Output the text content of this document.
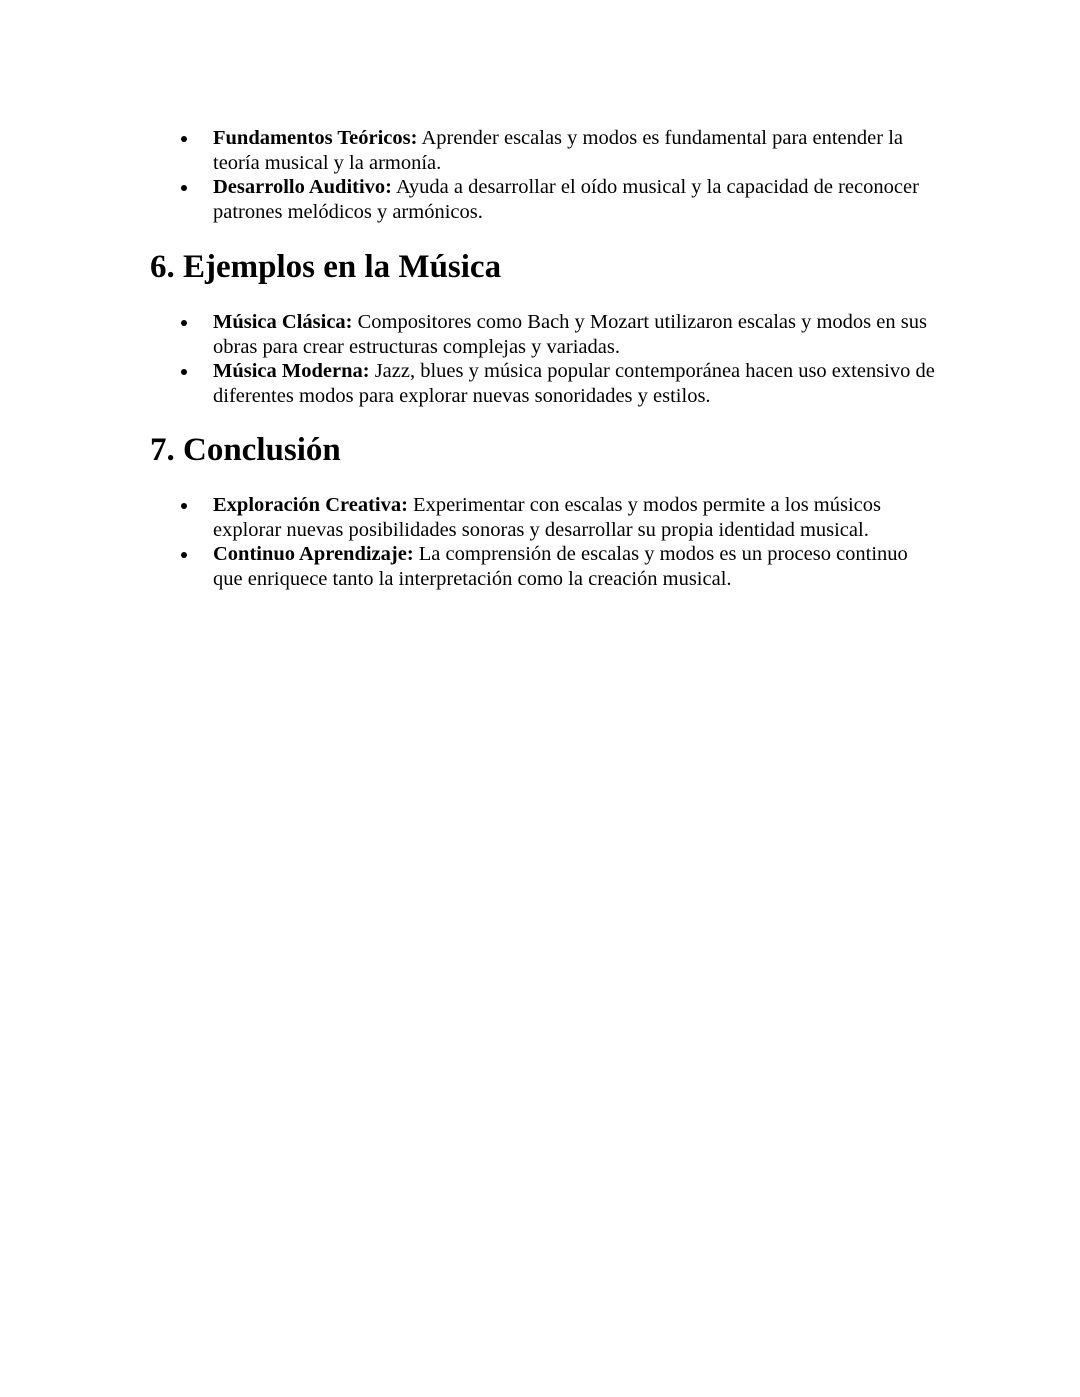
Fundamentos Teóricos: Aprender escalas y modos es fundamental para entender la teoría musical y la armonía.
Desarrollo Auditivo: Ayuda a desarrollar el oído musical y la capacidad de reconocer patrones melódicos y armónicos.
6. Ejemplos en la Música
Música Clásica: Compositores como Bach y Mozart utilizaron escalas y modos en sus obras para crear estructuras complejas y variadas.
Música Moderna: Jazz, blues y música popular contemporánea hacen uso extensivo de diferentes modos para explorar nuevas sonoridades y estilos.
7. Conclusión
Exploración Creativa: Experimentar con escalas y modos permite a los músicos explorar nuevas posibilidades sonoras y desarrollar su propia identidad musical.
Continuo Aprendizaje: La comprensión de escalas y modos es un proceso continuo que enriquece tanto la interpretación como la creación musical.
